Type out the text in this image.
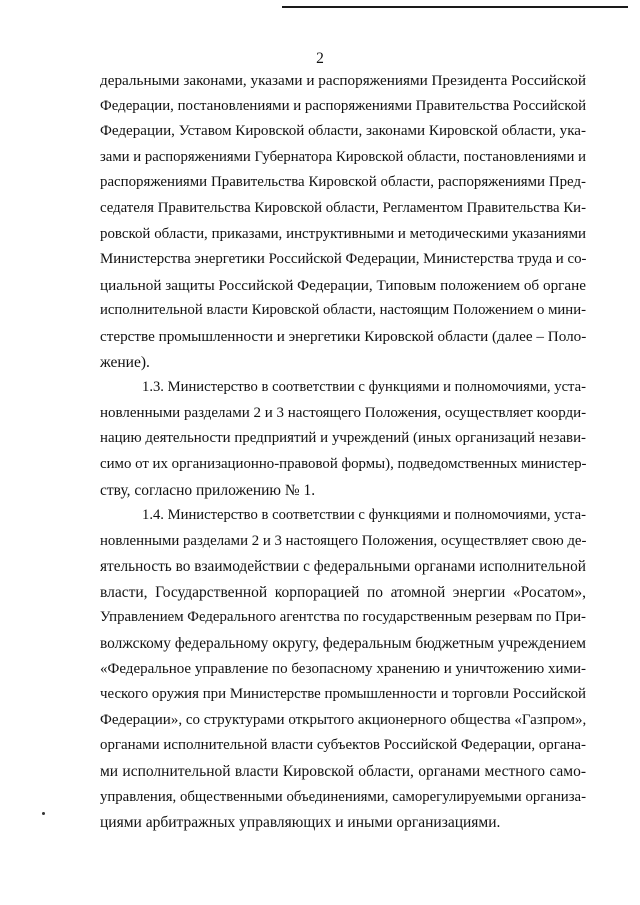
2

деральными законами, указами и распоряжениями Президента Российской
Федерации, постановлениями и распоряжениями Правительства Российской
Федерации, Уставом Кировской области, законами Кировской области, ука-
зами и распоряжениями Губернатора Кировской области, постановлениями и
распоряжениями Правительства Кировской области, распоряжениями Пред-
седателя Правительства Кировской области, Регламентом Правительства Ки-
ровской области, приказами, инструктивными и методическими указаниями
Министерства энергетики Российской Федерации, Министерства труда и со-
циальной защиты Российской Федерации, Типовым положением об органе
исполнительной власти Кировской области, настоящим Положением о мини-
стерстве промышленности и энергетики Кировской области (далее – Поло-
жение).

1.3. Министерство в соответствии с функциями и полномочиями, уста-
новленными разделами 2 и 3 настоящего Положения, осуществляет коорди-
нацию деятельности предприятий и учреждений (иных организаций незави-
симо от их организационно-правовой формы), подведомственных министер-
ству, согласно приложению № 1.

1.4. Министерство в соответствии с функциями и полномочиями, уста-
новленными разделами 2 и 3 настоящего Положения, осуществляет свою де-
ятельность во взаимодействии с федеральными органами исполнительной
власти, Государственной корпорацией по атомной энергии «Росатом»,
Управлением Федерального агентства по государственным резервам по При-
волжскому федеральному округу, федеральным бюджетным учреждением
«Федеральное управление по безопасному хранению и уничтожению хими-
ческого оружия при Министерстве промышленности и торговли Российской
Федерации», со структурами открытого акционерного общества «Газпром»,
органами исполнительной власти субъектов Российской Федерации, органа-
ми исполнительной власти Кировской области, органами местного само-
управления, общественными объединениями, саморегулируемыми организа-
циями арбитражных управляющих и иными организациями.
